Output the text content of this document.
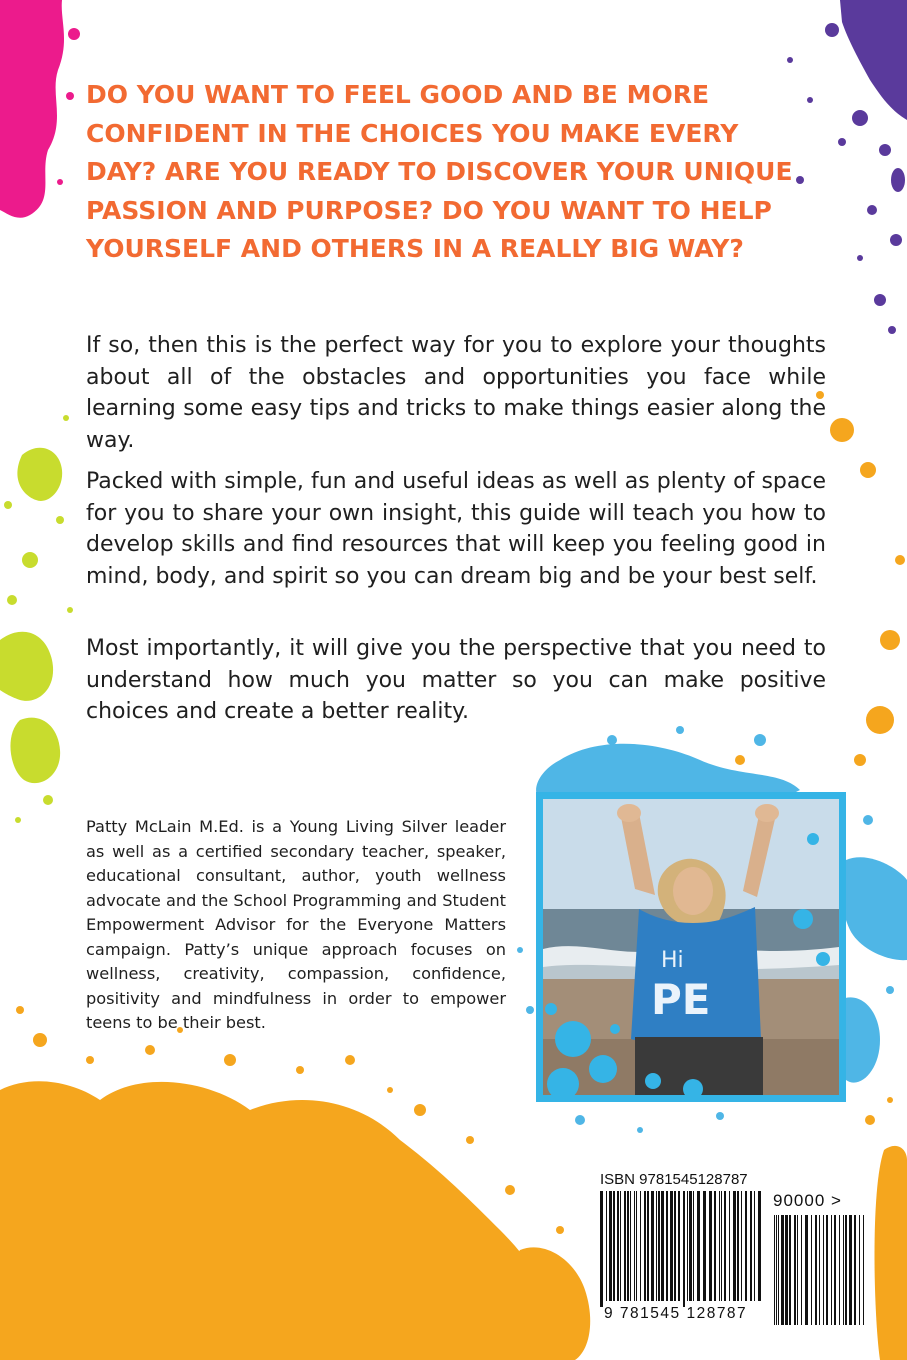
DO YOU WANT TO FEEL GOOD AND BE MORE CONFIDENT IN THE CHOICES YOU MAKE EVERY DAY? ARE YOU READY TO DISCOVER YOUR UNIQUE PASSION AND PURPOSE? DO YOU WANT TO HELP YOURSELF AND OTHERS IN A REALLY BIG WAY?

If so, then this is the perfect way for you to explore your thoughts about all of the obstacles and opportunities you face while learning some easy tips and tricks to make things easier along the way.

Packed with simple, fun and useful ideas as well as plenty of space for you to share your own insight, this guide will teach you how to develop skills and find resources that will keep you feeling good in mind, body, and spirit so you can dream big and be your best self.

Most importantly, it will give you the perspective that you need to understand how much you matter so you can make positive choices and create a better reality.

Patty McLain M.Ed. is a Young Living Silver leader as well as a certified secondary teacher, speaker, educational consultant, author, youth wellness advocate and the School Programming and Student Empowerment Advisor for the Everyone Matters campaign. Patty’s unique approach focuses on wellness, creativity, compassion, confidence, positivity and mindfulness in order to empower teens to be their best.

Hi
PE

ISBN 9781545128787

90000 >

9 781545 128787
